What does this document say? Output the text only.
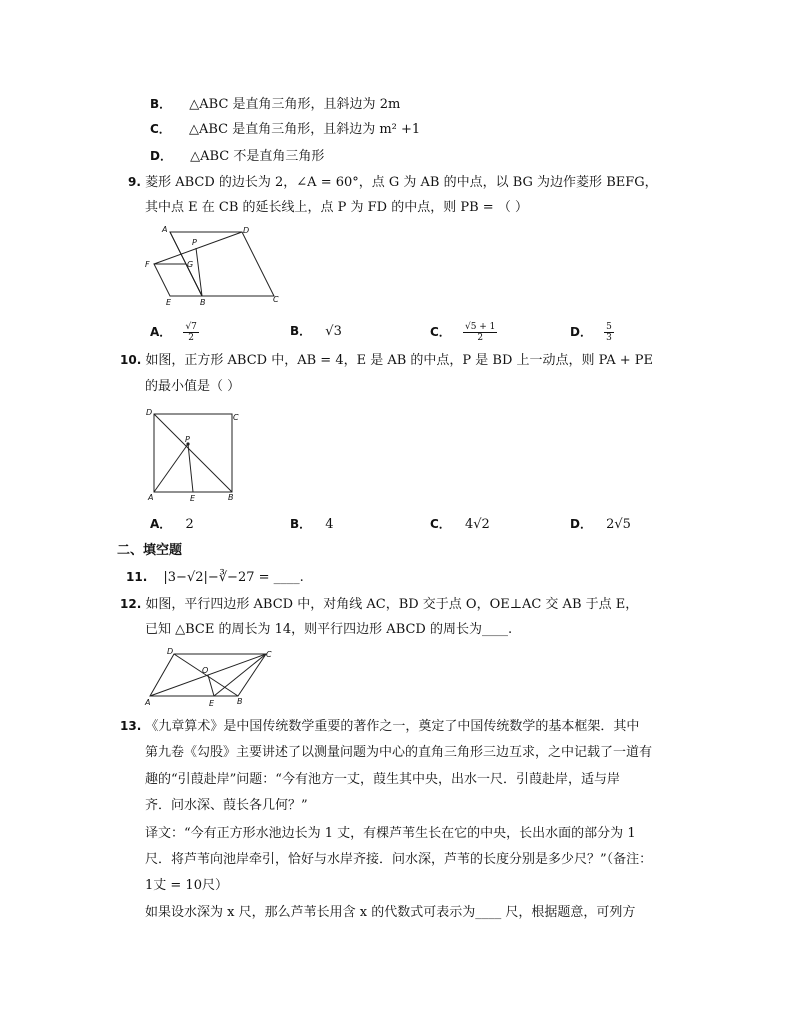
B． △ABC 是直角三角形，且斜边为 2m
C． △ABC 是直角三角形，且斜边为 m² +1
D． △ABC 不是直角三角形
9. 菱形 ABCD 的边长为 2，∠A = 60°，点 G 为 AB 的中点，以 BG 为边作菱形 BEFG，
其中点 E 在 CB 的延长线上，点 P 为 FD 的中点，则 PB = （ ）
A
P
D
F	G
E	B	C
A． $\frac{√7}{2}$	B． √3	C． $\frac{√5 + 1}{2}$	D． $\frac{5}{3}$
10. 如图，正方形 ABCD 中，AB = 4，E 是 AB 的中点，P 是 BD 上一动点，则 PA + PE
的最小值是（ ）
D
C
P
A	E	B
A． 2	B． 4	C． 4√2	D． 2√5
二、填空题
11. |3−√2|−∛−27 = ____.
12. 如图，平行四边形 ABCD 中，对角线 AC，BD 交于点 O，OE⊥AC 交 AB 于点 E，
已知 △BCE 的周长为 14，则平行四边形 ABCD 的周长为____.
D	C
O
A	E	B
13. 《九章算术》是中国传统数学重要的著作之一，奠定了中国传统数学的基本框架．其中
第九卷《勾股》主要讲述了以测量问题为中心的直角三角形三边互求，之中记载了一道有
趣的“引葭赴岸”问题：“今有池方一丈，葭生其中央，出水一尺．引葭赴岸，适与岸
齐．问水深、葭长各几何？”
译文：“今有正方形水池边长为 1 丈，有棵芦苇生长在它的中央，长出水面的部分为 1
尺．将芦苇向池岸牵引，恰好与水岸齐接．问水深，芦苇的长度分别是多少尺？”（备注：
1丈 = 10尺）
如果设水深为 x 尺，那么芦苇长用含 x 的代数式可表示为____ 尺，根据题意，可列方
